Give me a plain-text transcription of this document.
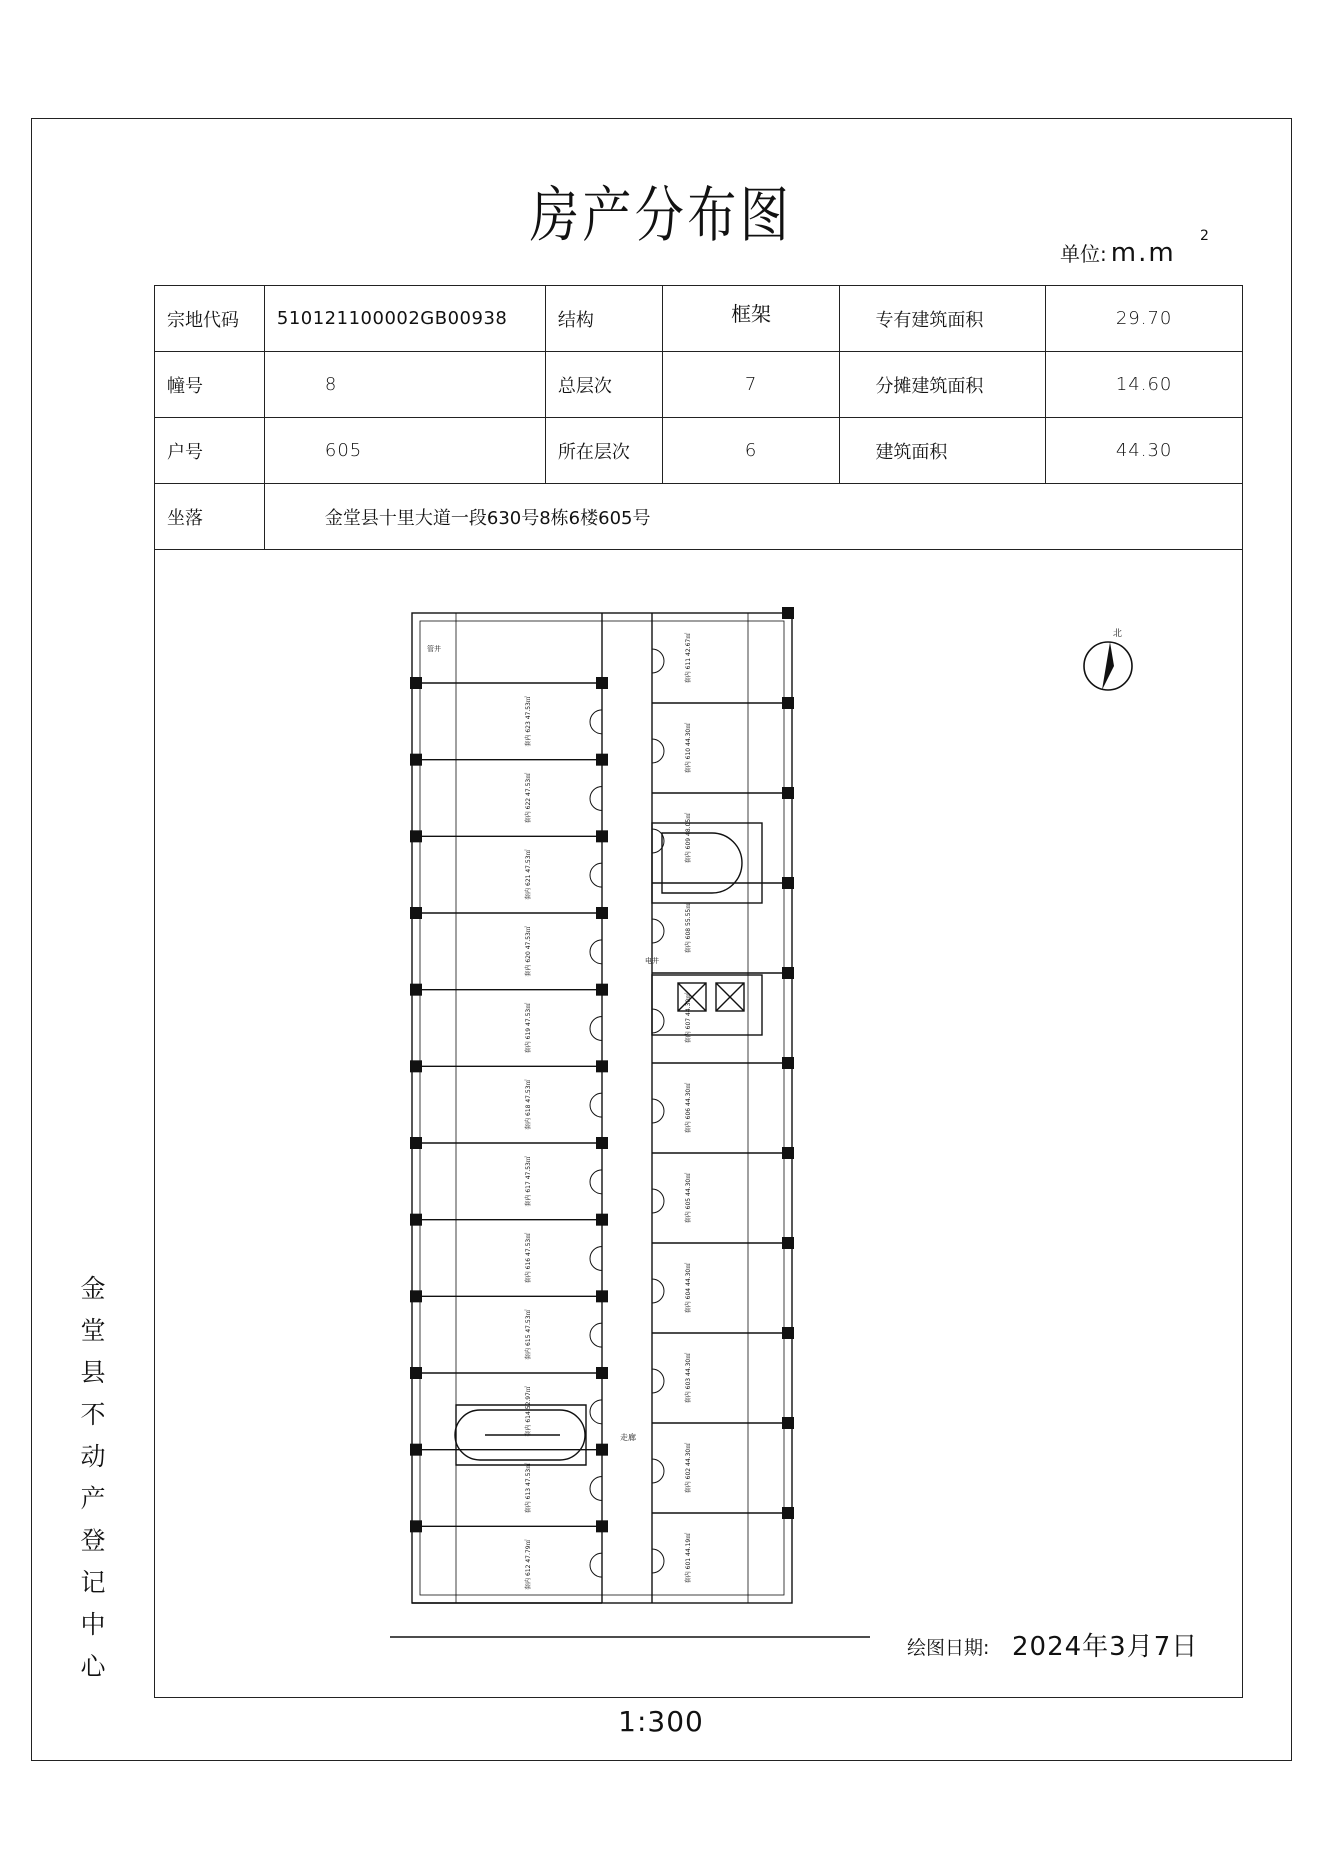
房产分布图
单位: m.m
2
宗地代码	510121100002GB00938	结构	框架	专有建筑面积	29.70
幢号	8	总层次	7	分摊建筑面积	14.60
户号	605	所在层次	6	建筑面积	44.30
坐落	金堂县十里大道一段630号8栋6楼605号				
套内 623 47.53㎡
套内 622 47.53㎡
套内 621 47.53㎡
套内 620 47.53㎡
套内 619 47.53㎡
套内 618 47.53㎡
套内 617 47.53㎡
套内 616 47.53㎡
套内 615 47.53㎡
套内 614 52.97㎡
套内 613 47.53㎡
套内 612 47.79㎡
套内 611 42.67㎡
套内 610 44.30㎡
套内 609 48.05㎡
套内 608 55.55㎡
套内 607 44.30㎡
套内 606 44.30㎡
套内 605 44.30㎡
套内 604 44.30㎡
套内 603 44.30㎡
套内 602 44.30㎡
套内 601 44.19㎡
走廊
电井
管井
北
金堂县不动产登记中心
绘图日期: 2024年3月7日
1:300
